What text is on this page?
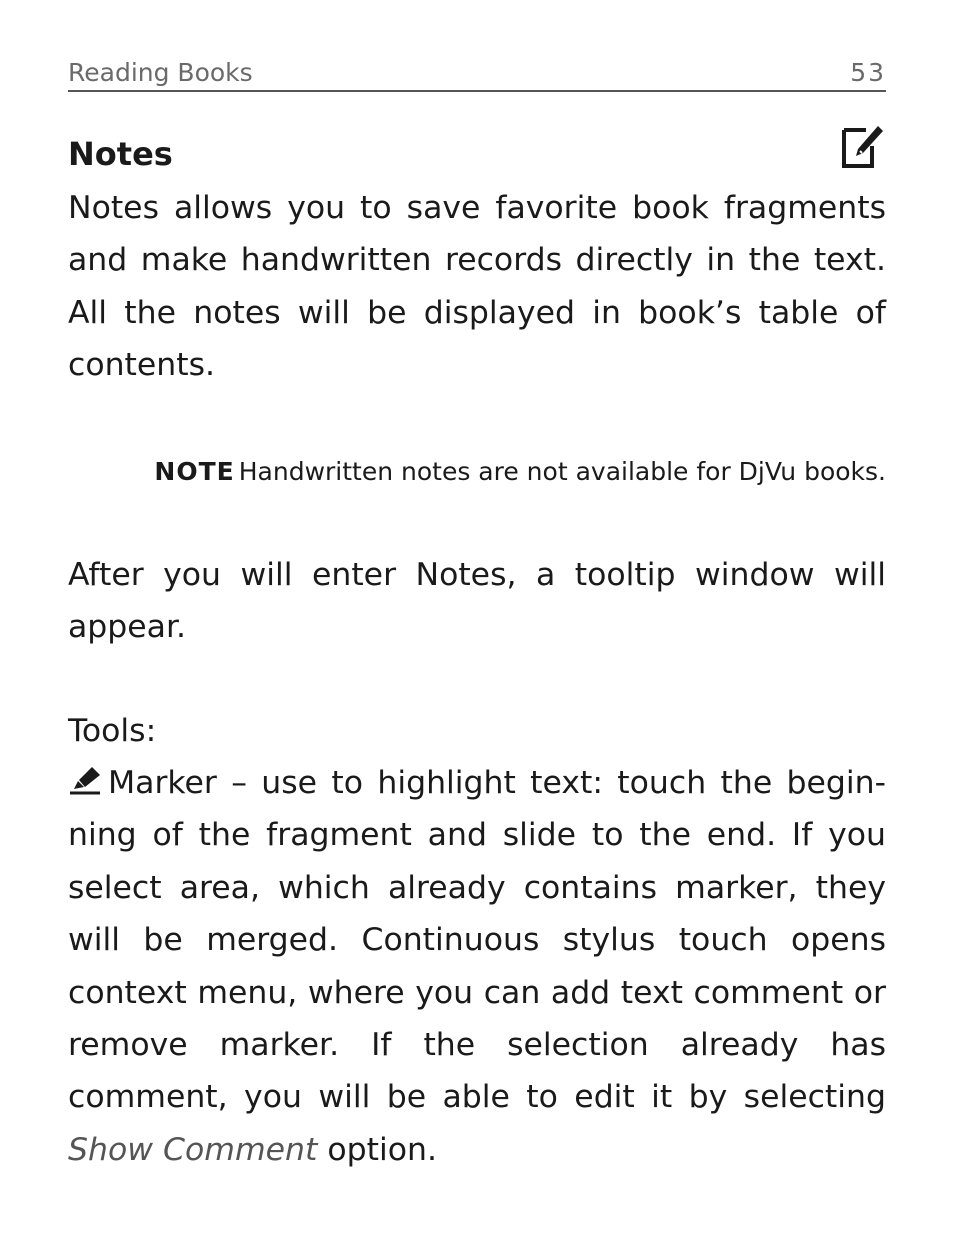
Reading Books	53
Notes

Notes allows you to save favorite book fragments and make handwritten records directly in the text. All the notes will be displayed in book’s table of contents.

NOTE Handwritten notes are not available for DjVu books.

After you will enter Notes, a tooltip window will appear.

Tools:

Marker – use to highlight text: touch the begin-ning of the fragment and slide to the end. If you select area, which already contains marker, they will be merged. Continuous stylus touch opens context menu, where you can add text comment or remove marker. If the selection already has comment, you will be able to edit it by selecting Show Comment option.
